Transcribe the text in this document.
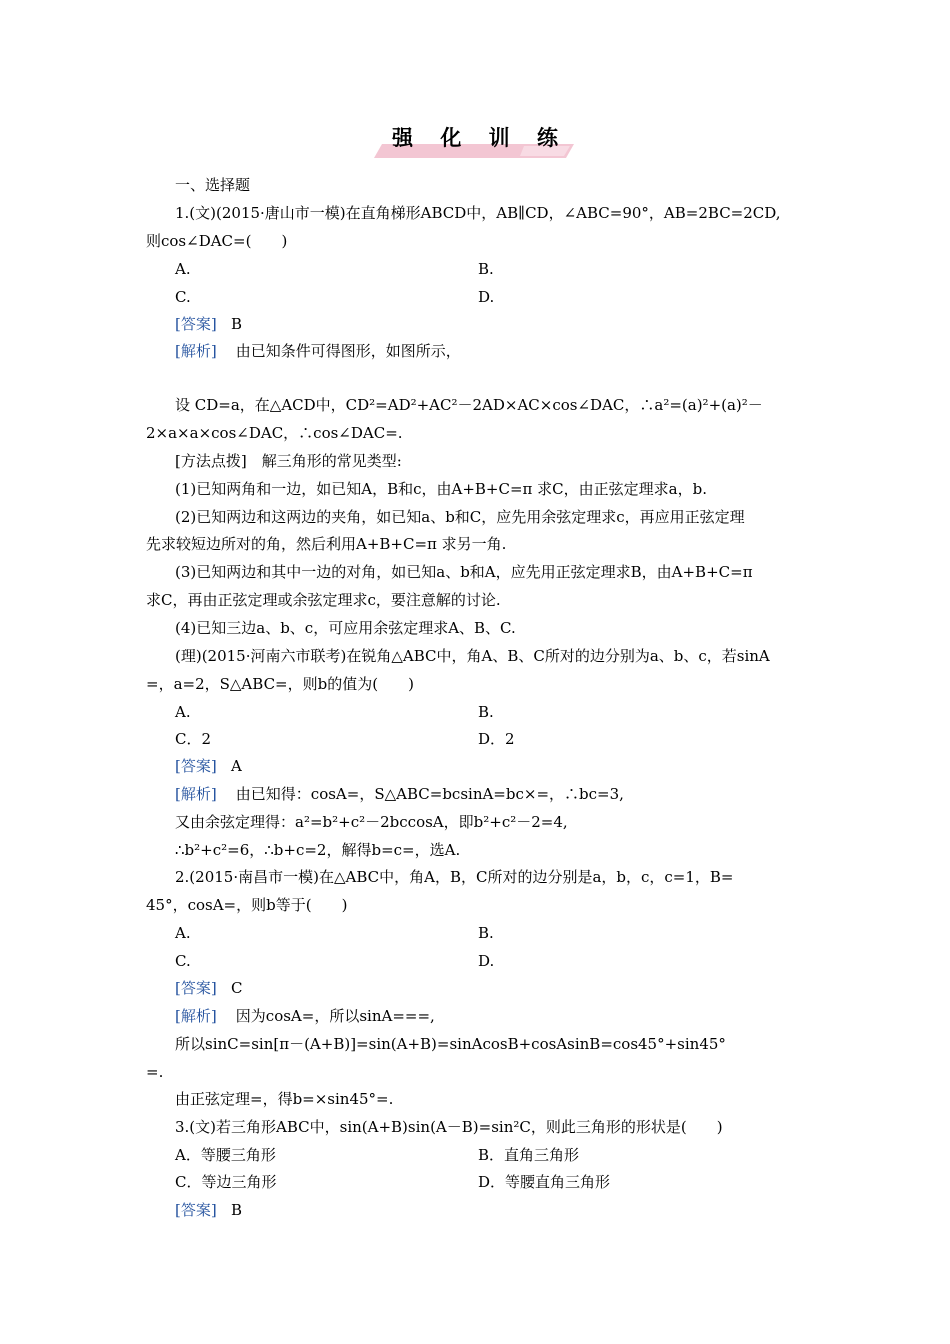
强 化 训 练
一、选择题
1.(文)(2015·唐山市一模)在直角梯形ABCD中，AB∥CD，∠ABC=90°，AB=2BC=2CD,
则cos∠DAC=(　　)
A.	B.
C.	D.
[答案] B
[解析] 由已知条件可得图形，如图所示，
设 CD=a，在△ACD中，CD²=AD²+AC²－2AD×AC×cos∠DAC，∴a²=(a)²+(a)²－
2×a×a×cos∠DAC，∴cos∠DAC=.
[方法点拨]　解三角形的常见类型:
(1)已知两角和一边，如已知A，B和c，由A+B+C=π 求C，由正弦定理求a，b.
(2)已知两边和这两边的夹角，如已知a、b和C，应先用余弦定理求c，再应用正弦定理
先求较短边所对的角，然后利用A+B+C=π 求另一角.
(3)已知两边和其中一边的对角，如已知a、b和A，应先用正弦定理求B，由A+B+C=π
求C，再由正弦定理或余弦定理求c，要注意解的讨论.
(4)已知三边a、b、c，可应用余弦定理求A、B、C.
(理)(2015·河南六市联考)在锐角△ABC中，角A、B、C所对的边分别为a、b、c，若sinA
=，a=2，S△ABC=，则b的值为(　　)
A.	B.
C．2	D．2
[答案] A
[解析] 由已知得：cosA=，S△ABC=bcsinA=bc×=，∴bc=3,
又由余弦定理得：a²=b²+c²－2bccosA，即b²+c²－2=4,
∴b²+c²=6，∴b+c=2，解得b=c=，选A.
2.(2015·南昌市一模)在△ABC中，角A，B，C所对的边分别是a，b，c，c=1，B=
45°，cosA=，则b等于(　　)
A.	B.
C.	D.
[答案] C
[解析] 因为cosA=，所以sinA===,
所以sinC=sin[π－(A+B)]=sin(A+B)=sinAcosB+cosAsinB=cos45°+sin45°
=.
由正弦定理=，得b=×sin45°=.
3.(文)若三角形ABC中，sin(A+B)sin(A－B)=sin²C，则此三角形的形状是(　　)
A．等腰三角形	B．直角三角形
C．等边三角形	D．等腰直角三角形
[答案] B
